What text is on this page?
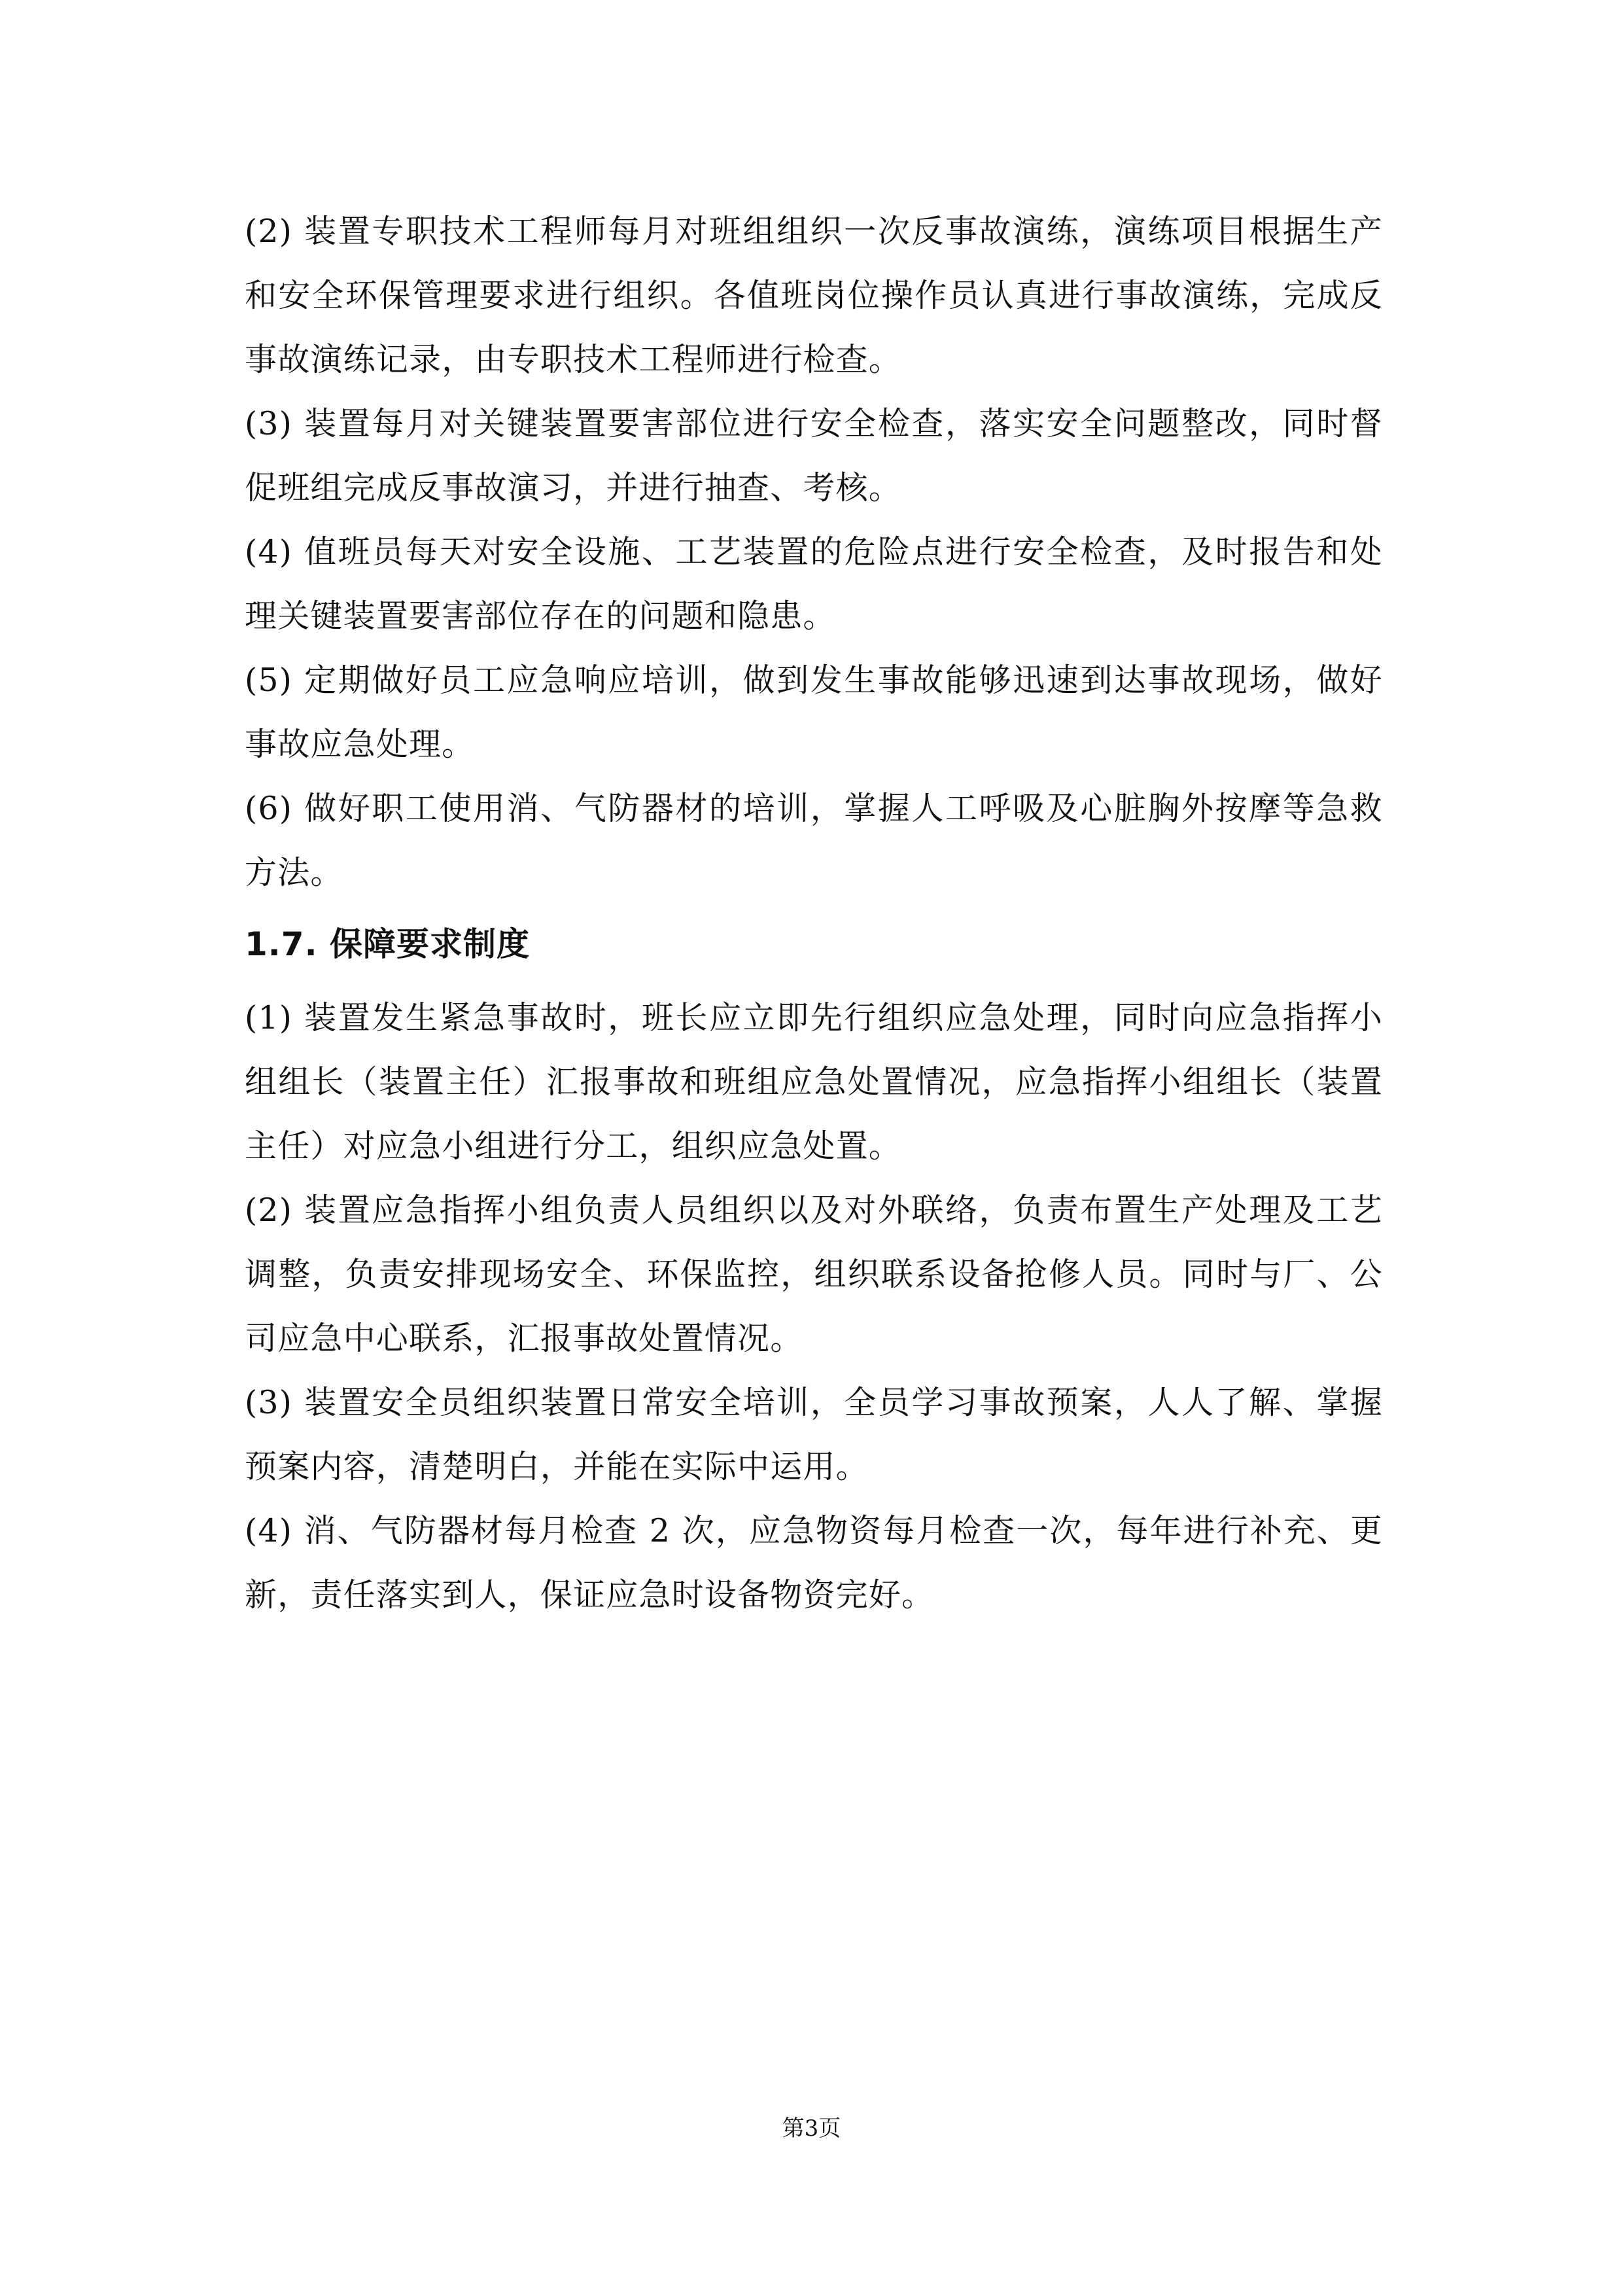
(2) 装置专职技术工程师每月对班组组织一次反事故演练，演练项目根据生产和安全环保管理要求进行组织。各值班岗位操作员认真进行事故演练，完成反事故演练记录，由专职技术工程师进行检查。

(3) 装置每月对关键装置要害部位进行安全检查，落实安全问题整改，同时督促班组完成反事故演习，并进行抽查、考核。

(4) 值班员每天对安全设施、工艺装置的危险点进行安全检查，及时报告和处理关键装置要害部位存在的问题和隐患。

(5) 定期做好员工应急响应培训，做到发生事故能够迅速到达事故现场，做好事故应急处理。

(6) 做好职工使用消、气防器材的培训，掌握人工呼吸及心脏胸外按摩等急救方法。

1.7. 保障要求制度

(1) 装置发生紧急事故时，班长应立即先行组织应急处理，同时向应急指挥小组组长（装置主任）汇报事故和班组应急处置情况，应急指挥小组组长（装置主任）对应急小组进行分工，组织应急处置。

(2) 装置应急指挥小组负责人员组织以及对外联络，负责布置生产处理及工艺调整，负责安排现场安全、环保监控，组织联系设备抢修人员。同时与厂、公司应急中心联系，汇报事故处置情况。

(3) 装置安全员组织装置日常安全培训，全员学习事故预案，人人了解、掌握预案内容，清楚明白，并能在实际中运用。

(4) 消、气防器材每月检查 2 次，应急物资每月检查一次，每年进行补充、更新，责任落实到人，保证应急时设备物资完好。

第3页
